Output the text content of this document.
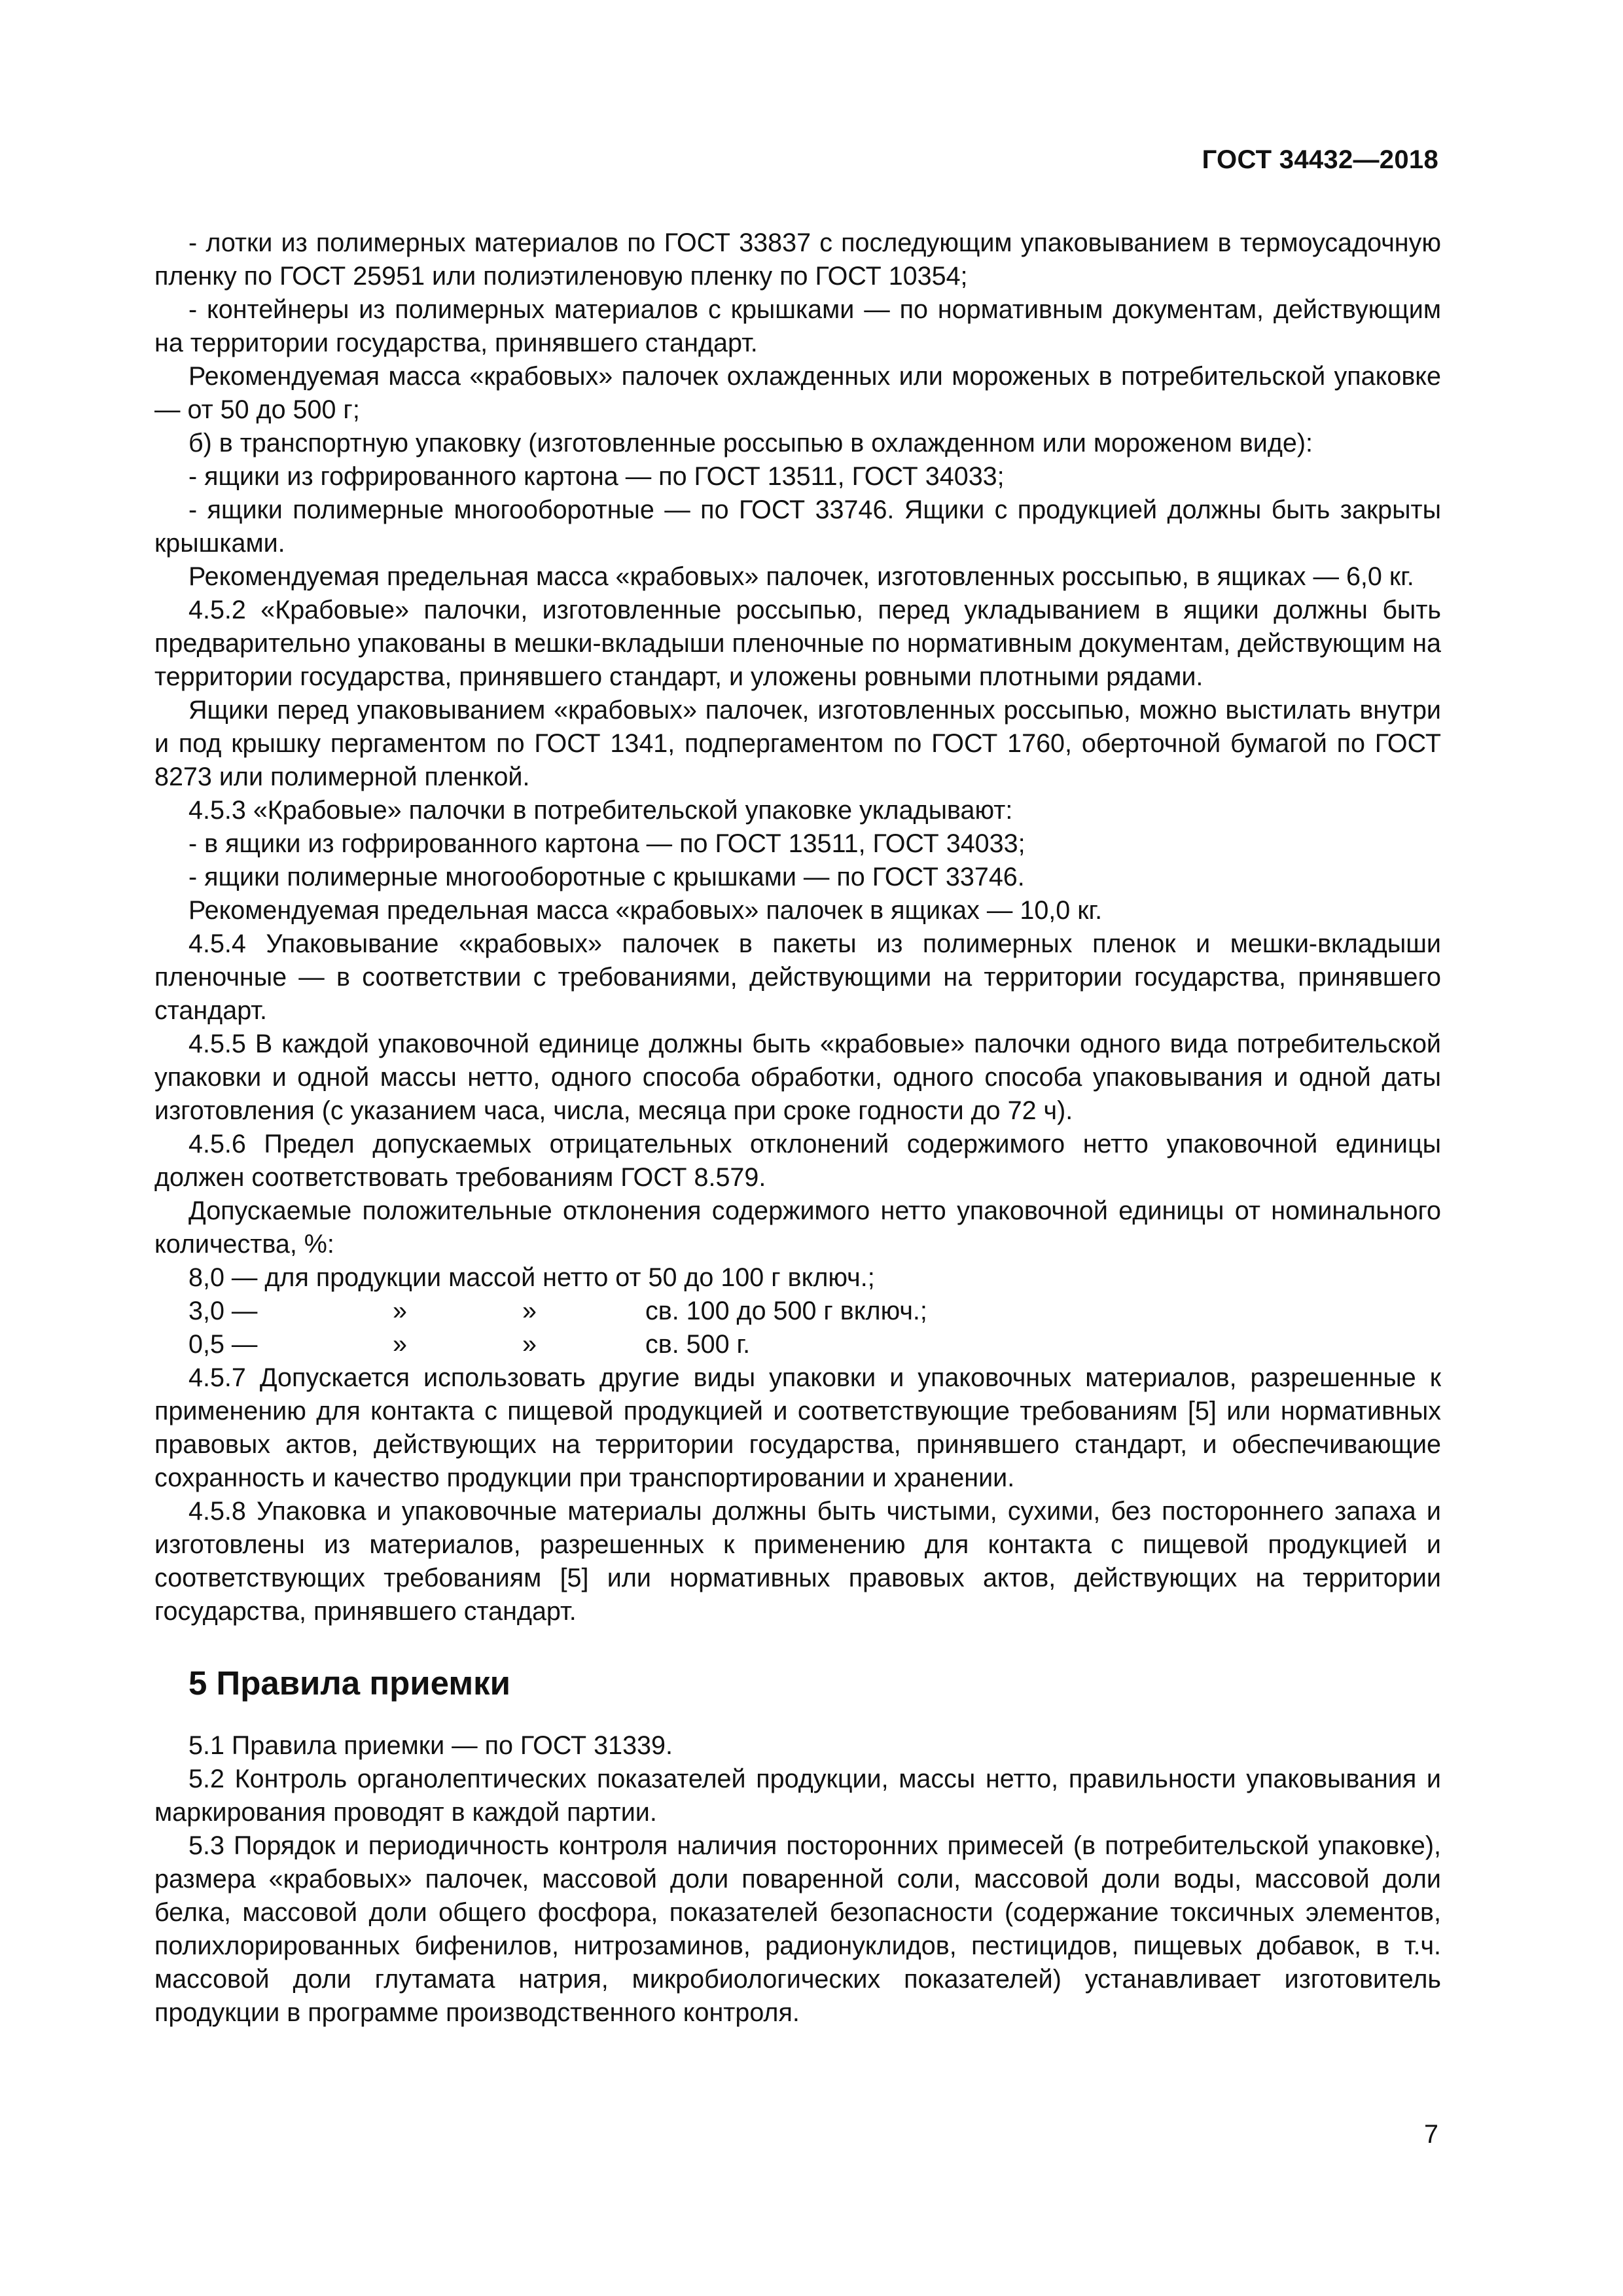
ГОСТ 34432—2018

- лотки из полимерных материалов по ГОСТ 33837 с последующим упаковыванием в термоусадочную пленку по ГОСТ 25951 или полиэтиленовую пленку по ГОСТ 10354;

- контейнеры из полимерных материалов с крышками — по нормативным документам, действующим на территории государства, принявшего стандарт.

Рекомендуемая масса «крабовых» палочек охлажденных или мороженых в потребительской упаковке — от 50 до 500 г;

б) в транспортную упаковку (изготовленные россыпью в охлажденном или мороженом виде):

- ящики из гофрированного картона — по ГОСТ 13511, ГОСТ 34033;

- ящики полимерные многооборотные — по ГОСТ 33746. Ящики с продукцией должны быть закрыты крышками.

Рекомендуемая предельная масса «крабовых» палочек, изготовленных россыпью, в ящиках — 6,0 кг.

4.5.2 «Крабовые» палочки, изготовленные россыпью, перед укладыванием в ящики должны быть предварительно упакованы в мешки-вкладыши пленочные по нормативным документам, действующим на территории государства, принявшего стандарт, и уложены ровными плотными рядами.

Ящики перед упаковыванием «крабовых» палочек, изготовленных россыпью, можно выстилать внутри и под крышку пергаментом по ГОСТ 1341, подпергаментом по ГОСТ 1760, оберточной бумагой по ГОСТ 8273 или полимерной пленкой.

4.5.3 «Крабовые» палочки в потребительской упаковке укладывают:

- в ящики из гофрированного картона — по ГОСТ 13511, ГОСТ 34033;

- ящики полимерные многооборотные с крышками — по ГОСТ 33746.

Рекомендуемая предельная масса «крабовых» палочек в ящиках — 10,0 кг.

4.5.4 Упаковывание «крабовых» палочек в пакеты из полимерных пленок и мешки-вкладыши пленочные — в соответствии с требованиями, действующими на территории государства, принявшего стандарт.

4.5.5 В каждой упаковочной единице должны быть «крабовые» палочки одного вида потребительской упаковки и одной массы нетто, одного способа обработки, одного способа упаковывания и одной даты изготовления (с указанием часа, числа, месяца при сроке годности до 72 ч).

4.5.6 Предел допускаемых отрицательных отклонений содержимого нетто упаковочной единицы должен соответствовать требованиям ГОСТ 8.579.

Допускаемые положительные отклонения содержимого нетто упаковочной единицы от номинального количества, %:

8,0 — для продукции массой нетто от 50 до 100 г включ.;

3,0 —	»	»	св. 100 до 500 г включ.;
0,5 —	»	»	св. 500 г.

4.5.7 Допускается использовать другие виды упаковки и упаковочных материалов, разрешенные к применению для контакта с пищевой продукцией и соответствующие требованиям [5] или нормативных правовых актов, действующих на территории государства, принявшего стандарт, и обеспечивающие сохранность и качество продукции при транспортировании и хранении.

4.5.8 Упаковка и упаковочные материалы должны быть чистыми, сухими, без постороннего запаха и изготовлены из материалов, разрешенных к применению для контакта с пищевой продукцией и соответствующих требованиям [5] или нормативных правовых актов, действующих на территории государства, принявшего стандарт.

5 Правила приемки

5.1 Правила приемки — по ГОСТ 31339.

5.2 Контроль органолептических показателей продукции, массы нетто, правильности упаковывания и маркирования проводят в каждой партии.

5.3 Порядок и периодичность контроля наличия посторонних примесей (в потребительской упаковке), размера «крабовых» палочек, массовой доли поваренной соли, массовой доли воды, массовой доли белка, массовой доли общего фосфора, показателей безопасности (содержание токсичных элементов, полихлорированных бифенилов, нитрозаминов, радионуклидов, пестицидов, пищевых добавок, в т.ч. массовой доли глутамата натрия, микробиологических показателей) устанавливает изготовитель продукции в программе производственного контроля.

7
